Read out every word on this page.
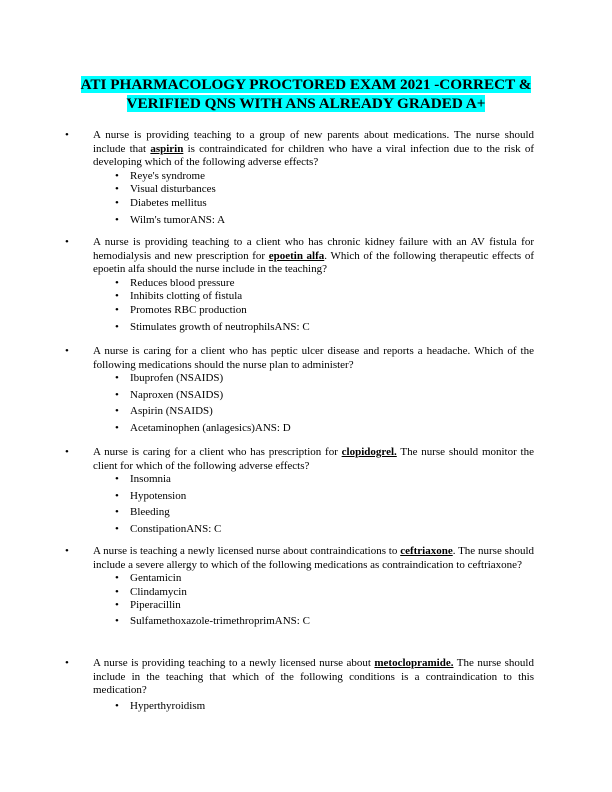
ATI PHARMACOLOGY PROCTORED EXAM 2021 -CORRECT &
VERIFIED QNS WITH ANS ALREADY GRADED A+
•	A nurse is providing teaching to a group of new parents about medications. The nurse should include that aspirin is contraindicated for children who have a viral infection due to the risk of developing which of the following adverse effects?
• Reye's syndrome
• Visual disturbances
• Diabetes mellitus
• Wilm's tumorANS: A
•	A nurse is providing teaching to a client who has chronic kidney failure with an AV fistula for hemodialysis and new prescription for epoetin alfa. Which of the following therapeutic effects of epoetin alfa should the nurse include in the teaching?
• Reduces blood pressure
• Inhibits clotting of fistula
• Promotes RBC production
• Stimulates growth of neutrophilsANS: C
•	A nurse is caring for a client who has peptic ulcer disease and reports a headache. Which of the following medications should the nurse plan to administer?
• Ibuprofen (NSAIDS)
• Naproxen (NSAIDS)
• Aspirin (NSAIDS)
• Acetaminophen (anlagesics)ANS: D
•	A nurse is caring for a client who has prescription for clopidogrel. The nurse should monitor the client for which of the following adverse effects?
• Insomnia
• Hypotension
• Bleeding
• ConstipationANS: C
•	A nurse is teaching a newly licensed nurse about contraindications to ceftriaxone. The nurse should include a severe allergy to which of the following medications as contraindication to ceftriaxone?
• Gentamicin
• Clindamycin
• Piperacillin
• Sulfamethoxazole-trimethroprimANS: C
•	A nurse is providing teaching to a newly licensed nurse about metoclopramide. The nurse should include in the teaching that which of the following conditions is a contraindication to this medication?
• Hyperthyroidism
